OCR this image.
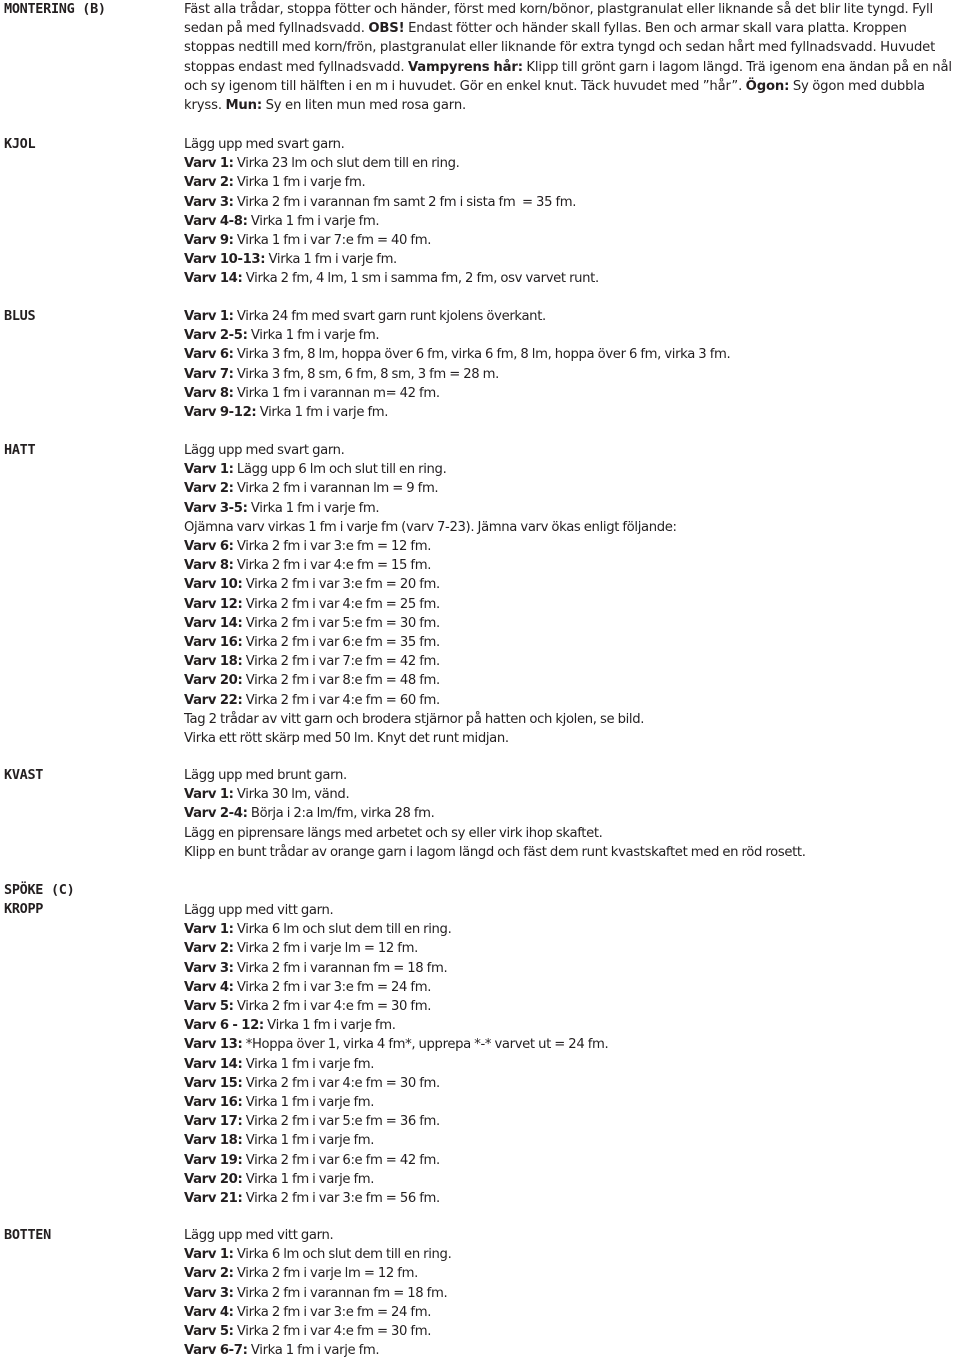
MONTERING (B)	Fäst alla trådar, stoppa fötter och händer, först med korn/bönor, plastgranulat eller liknande så det blir lite tyngd. Fyll sedan på med fyllnadsvadd. OBS! Endast fötter och händer skall fyllas. Ben och armar skall vara platta. Kroppen stoppas nedtill med korn/frön, plastgranulat eller liknande för extra tyngd och sedan hårt med fyllnadsvadd. Huvudet stoppas endast med fyllnadsvadd. Vampyrens hår: Klipp till grönt garn i lagom längd. Trä igenom ena ändan på en nål och sy igenom till hälften i en m i huvudet. Gör en enkel knut. Täck huvudet med ”hår”. Ögon: Sy ögon med dubbla kryss. Mun: Sy en liten mun med rosa garn.
KJOL	Lägg upp med svart garn.
Varv 1: Virka 23 lm och slut dem till en ring.
Varv 2: Virka 1 fm i varje fm.
Varv 3: Virka 2 fm i varannan fm samt 2 fm i sista fm  = 35 fm.
Varv 4-8: Virka 1 fm i varje fm.
Varv 9: Virka 1 fm i var 7:e fm = 40 fm.
Varv 10-13: Virka 1 fm i varje fm.
Varv 14: Virka 2 fm, 4 lm, 1 sm i samma fm, 2 fm, osv varvet runt.
BLUS	Varv 1: Virka 24 fm med svart garn runt kjolens överkant.
Varv 2-5: Virka 1 fm i varje fm.
Varv 6: Virka 3 fm, 8 lm, hoppa över 6 fm, virka 6 fm, 8 lm, hoppa över 6 fm, virka 3 fm.
Varv 7: Virka 3 fm, 8 sm, 6 fm, 8 sm, 3 fm = 28 m.
Varv 8: Virka 1 fm i varannan m= 42 fm.
Varv 9-12: Virka 1 fm i varje fm.
HATT	Lägg upp med svart garn.
Varv 1: Lägg upp 6 lm och slut till en ring.
Varv 2: Virka 2 fm i varannan lm = 9 fm.
Varv 3-5: Virka 1 fm i varje fm.
Ojämna varv virkas 1 fm i varje fm (varv 7-23). Jämna varv ökas enligt följande:
Varv 6: Virka 2 fm i var 3:e fm = 12 fm.
Varv 8: Virka 2 fm i var 4:e fm = 15 fm.
Varv 10: Virka 2 fm i var 3:e fm = 20 fm.
Varv 12: Virka 2 fm i var 4:e fm = 25 fm.
Varv 14: Virka 2 fm i var 5:e fm = 30 fm.
Varv 16: Virka 2 fm i var 6:e fm = 35 fm.
Varv 18: Virka 2 fm i var 7:e fm = 42 fm.
Varv 20: Virka 2 fm i var 8:e fm = 48 fm.
Varv 22: Virka 2 fm i var 4:e fm = 60 fm.
Tag 2 trådar av vitt garn och brodera stjärnor på hatten och kjolen, se bild.
Virka ett rött skärp med 50 lm. Knyt det runt midjan.
KVAST	Lägg upp med brunt garn.
Varv 1: Virka 30 lm, vänd.
Varv 2-4: Börja i 2:a lm/fm, virka 28 fm.
Lägg en piprensare längs med arbetet och sy eller virk ihop skaftet.
Klipp en bunt trådar av orange garn i lagom längd och fäst dem runt kvastskaftet med en röd rosett.
SPÖKE (C)
KROPP	Lägg upp med vitt garn.
Varv 1: Virka 6 lm och slut dem till en ring.
Varv 2: Virka 2 fm i varje lm = 12 fm.
Varv 3: Virka 2 fm i varannan fm = 18 fm.
Varv 4: Virka 2 fm i var 3:e fm = 24 fm.
Varv 5: Virka 2 fm i var 4:e fm = 30 fm.
Varv 6 - 12: Virka 1 fm i varje fm.
Varv 13: *Hoppa över 1, virka 4 fm*, upprepa *-* varvet ut = 24 fm.
Varv 14: Virka 1 fm i varje fm.
Varv 15: Virka 2 fm i var 4:e fm = 30 fm.
Varv 16: Virka 1 fm i varje fm.
Varv 17: Virka 2 fm i var 5:e fm = 36 fm.
Varv 18: Virka 1 fm i varje fm.
Varv 19: Virka 2 fm i var 6:e fm = 42 fm.
Varv 20: Virka 1 fm i varje fm.
Varv 21: Virka 2 fm i var 3:e fm = 56 fm.
BOTTEN	Lägg upp med vitt garn.
Varv 1: Virka 6 lm och slut dem till en ring.
Varv 2: Virka 2 fm i varje lm = 12 fm.
Varv 3: Virka 2 fm i varannan fm = 18 fm.
Varv 4: Virka 2 fm i var 3:e fm = 24 fm.
Varv 5: Virka 2 fm i var 4:e fm = 30 fm.
Varv 6-7: Virka 1 fm i varje fm.
